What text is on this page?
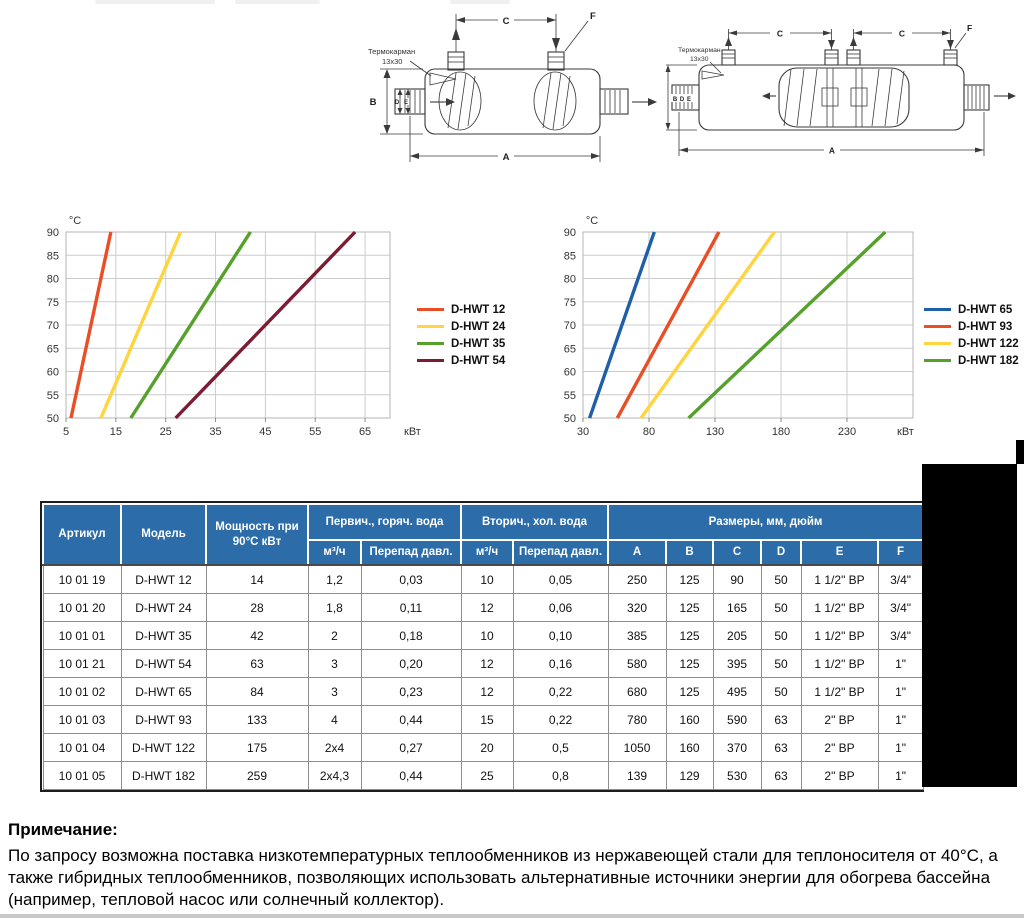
Термокарман
13х30
C	F
B	D E
A
Термокарман
13х30
B D E
C	C
F
A
5	15	25	35	45	55	65
50
55
60
65
70
75
80
85
90
кВт
°C
D-HWT 12
D-HWT 24
D-HWT 35
D-HWT 54
30	80	130	180	230
50
55
60
65
70
75
80
85
90
кВт
°C
D-HWT 65
D-HWT 93
D-HWT 122
D-HWT 182
Артикул	Модель	Мощность при 90°С кВт	Первич., горяч. вода		Вторич., хол. вода		Размеры, мм, дюйм					
			м³/ч	Перепад давл.	м³/ч	Перепад давл.	A	B	C	D	E	F
10 01 19	D-HWT 12	14	1,2	0,03	10	0,05	250	125	90	50	1 1/2" ВР	3/4"
10 01 20	D-HWT 24	28	1,8	0,11	12	0,06	320	125	165	50	1 1/2" ВР	3/4"
10 01 01	D-HWT 35	42	2	0,18	10	0,10	385	125	205	50	1 1/2" ВР	3/4"
10 01 21	D-HWT 54	63	3	0,20	12	0,16	580	125	395	50	1 1/2" ВР	1"
10 01 02	D-HWT 65	84	3	0,23	12	0,22	680	125	495	50	1 1/2" ВР	1"
10 01 03	D-HWT 93	133	4	0,44	15	0,22	780	160	590	63	2" ВР	1"
10 01 04	D-HWT 122	175	2x4	0,27	20	0,5	1050	160	370	63	2" ВР	1"
10 01 05	D-HWT 182	259	2x4,3	0,44	25	0,8	139	129	530	63	2" ВР	1"

Примечание:

По запросу возможна поставка низкотемпературных теплообменников из нержавеющей стали для теплоносителя от 40°С, а также гибридных теплообменников, позволяющих использовать альтернативные источники энергии для обогрева бассейна (например, тепловой насос или солнечный коллектор).
